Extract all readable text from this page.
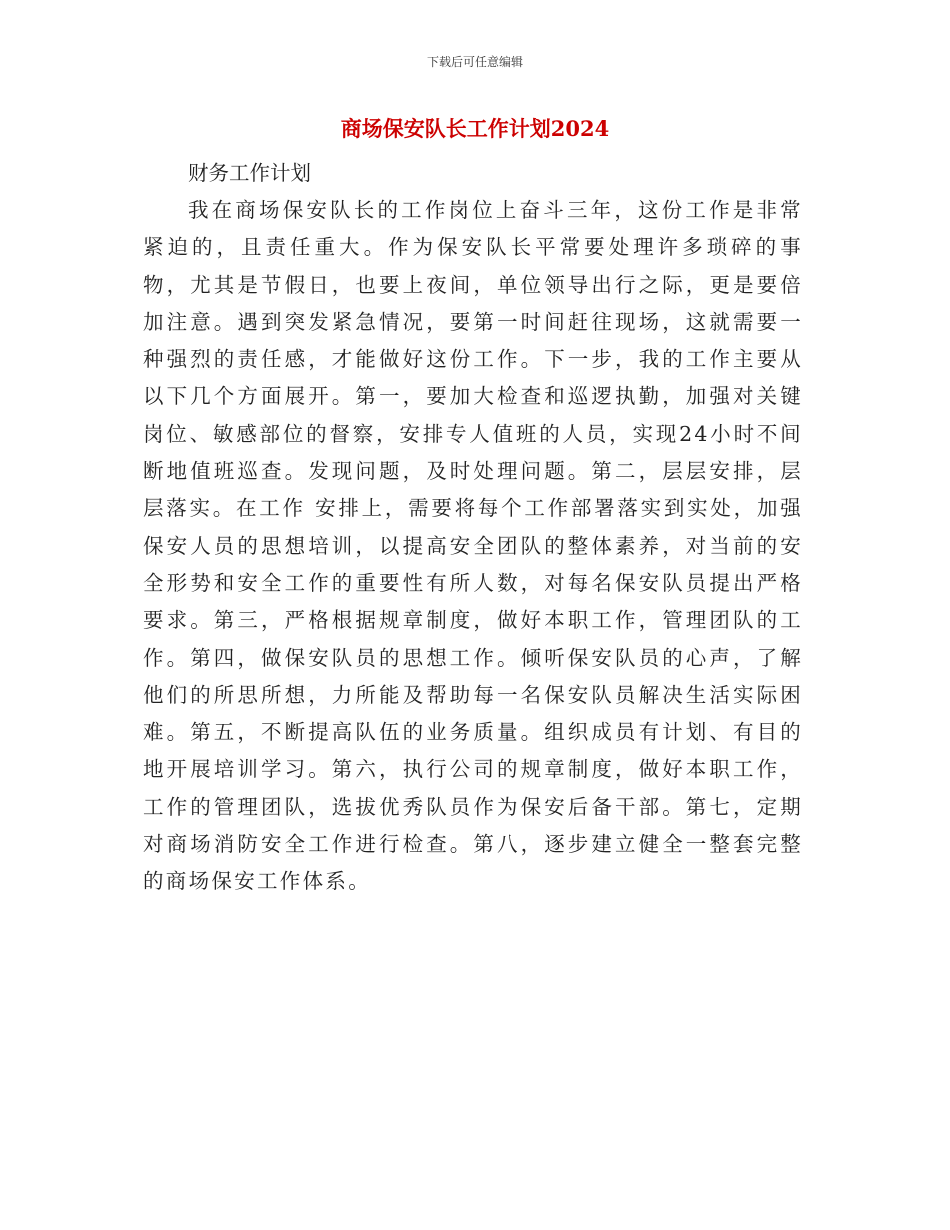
下载后可任意编辑
商场保安队长工作计划2024

财务工作计划

我在商场保安队长的工作岗位上奋斗三年，这份工作是非常紧迫的，且责任重大。作为保安队长平常要处理许多琐碎的事物，尤其是节假日，也要上夜间，单位领导出行之际，更是要倍加注意。遇到突发紧急情况，要第一时间赶往现场，这就需要一种强烈的责任感，才能做好这份工作。下一步，我的工作主要从以下几个方面展开。第一，要加大检查和巡逻执勤，加强对关键岗位、敏感部位的督察，安排专人值班的人员，实现24小时不间断地值班巡查。发现问题，及时处理问题。第二，层层安排，层层落实。在工作 安排上，需要将每个工作部署落实到实处，加强保安人员的思想培训，以提高安全团队的整体素养，对当前的安全形势和安全工作的重要性有所人数，对每名保安队员提出严格要求。第三，严格根据规章制度，做好本职工作，管理团队的工作。第四，做保安队员的思想工作。倾听保安队员的心声，了解他们的所思所想，力所能及帮助每一名保安队员解决生活实际困难。第五，不断提高队伍的业务质量。组织成员有计划、有目的地开展培训学习。第六，执行公司的规章制度，做好本职工作，工作的管理团队，选拔优秀队员作为保安后备干部。第七，定期对商场消防安全工作进行检查。第八，逐步建立健全一整套完整的商场保安工作体系。
